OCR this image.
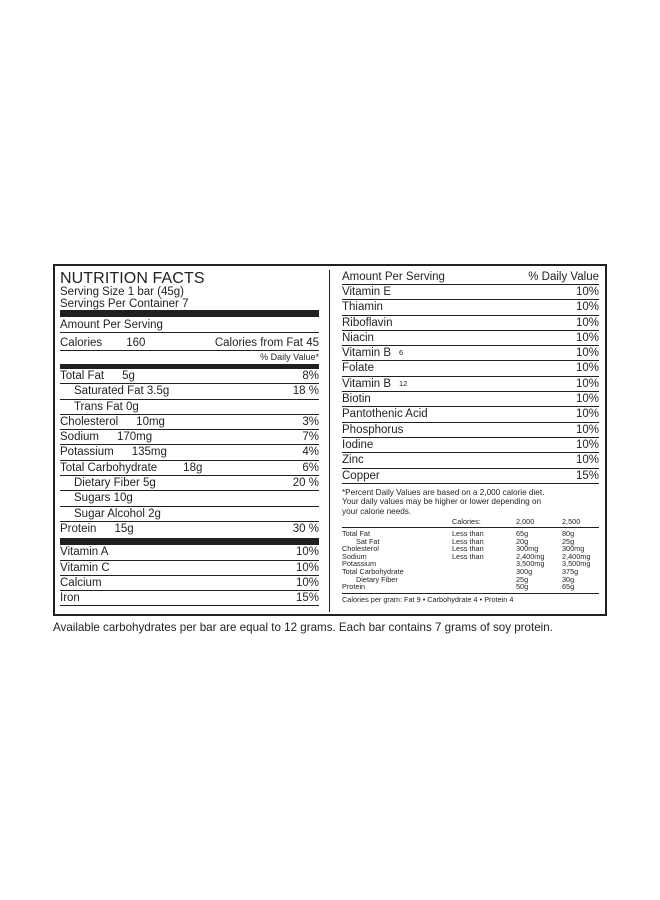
NUTRITION FACTS
Serving Size 1 bar (45g)
Servings Per Container 7
Amount Per Serving
Calories 160	Calories from Fat 45
% Daily Value*
Total Fat 5g	8%
Saturated Fat 3.5g	18 %
Trans Fat 0g
Cholesterol 10mg	3%
Sodium 170mg	7%
Potassium 135mg	4%
Total Carbohydrate 18g	6%
Dietary Fiber 5g	20 %
Sugars 10g
Sugar Alcohol 2g
Protein 15g	30 %
Vitamin A	10%
Vitamin C	10%
Calcium	10%
Iron	15%
Amount Per Serving	% Daily Value
Vitamin E	10%
Thiamin	10%
Riboflavin	10%
Niacin	10%
Vitamin B	6	10%
Folate	10%
Vitamin B	12	10%
Biotin	10%
Pantothenic Acid	10%
Phosphorus	10%
Iodine	10%
Zinc	10%
Copper	15%
*Percent Daily Values are based on a 2,000 calorie diet.
Your daily values may be higher or lower depending on
your calorie needs.
	Calories:	2,000	2,500
Total Fat	Less than	65g	80g
Sat Fat	Less than	20g	25g
Cholesterol	Less than	300mg	300mg
Sodium	Less than	2,400mg	2,400mg
Potassium		3,500mg	3,500mg
Total Carbohydrate		300g	375g
Dietary Fiber		25g	30g
Protein		50g	65g
Calories per gram: Fat 9 • Carbohydrate 4 • Protein 4
Available carbohydrates per bar are equal to 12 grams. Each bar contains 7 grams of soy protein.
